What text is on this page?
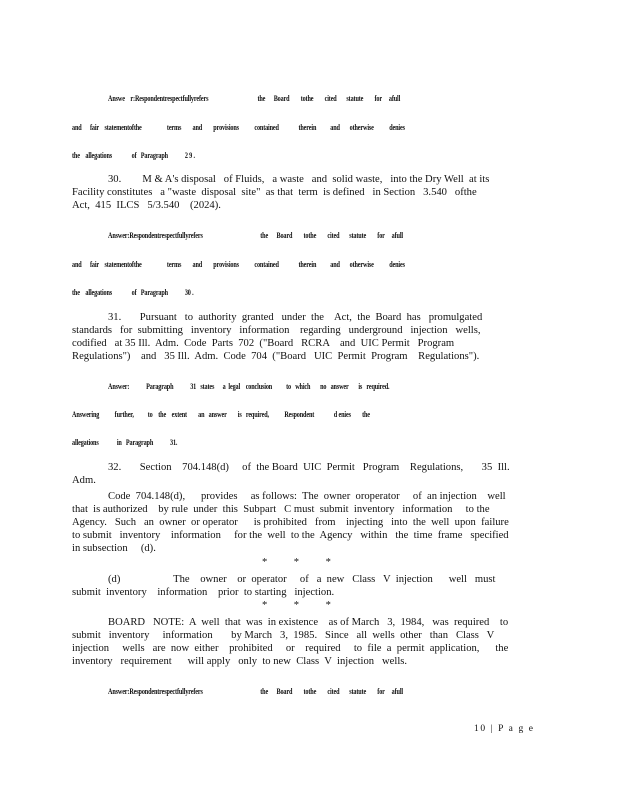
Answe    r:Respondentrespectfullyrefers                                   the      Board        tothe        cited       statute        for     afull
and      fair    statementofthe                  terms        and        provisions           contained              therein          and       otherwise           denies
the    allegations              of   Paragraph            2 9 .
30.        M & A's disposal   of Fluids,   a waste   and  solid waste,   into the Dry Well  at its
Facility constitutes   a "waste  disposal  site"  as that  term  is defined   in Section   3.540   ofthe
Act,  415  ILCS   5/3.540    (2024).
Answer:Respondentrespectfullyrefers                                         the      Board        tothe        cited       statute        for     afull
and      fair    statementofthe                  terms        and        provisions           contained              therein          and       otherwise           denies
the    allegations              of   Paragraph            30 .
31.       Pursuant   to  authority  granted   under  the    Act,  the  Board  has   promulgated
standards   for  submitting   inventory   information    regarding   underground   injection   wells,
codified   at 35 Ill.  Adm.  Code  Parts  702  ("Board   RCRA    and  UIC Permit   Program
Regulations")    and   35 Ill.  Adm.  Code  704  ("Board   UIC  Permit  Program    Regulations").
Answer:            Paragraph            31   states      a  legal    conclusion          to   which       no   answer       is   required.
Answering           further,          to    the    extent        an   answer        is   required,           Respondent              d enies        the
allegations             in   Paragraph            31.
32.       Section    704.148(d)     of  the Board  UIC  Permit   Program    Regulations,       35  Ill.
Adm.
Code  704.148(d),      provides     as follows:  The  owner  oroperator     of  an injection    well
that  is authorized    by rule  under  this  Subpart   C must  submit  inventory   information     to the
Agency.   Such   an  owner  or operator      is prohibited   from    injecting   into  the  well  upon  failure
to submit   inventory    information     for the  well  to the  Agency   within   the  time  frame   specified
in subsection     (d).
*          *          *
(d)                    The    owner    or  operator     of   a  new   Class   V  injection      well   must
submit  inventory    information    prior  to starting   injection.
*          *          *
BOARD   NOTE:  A  well  that  was  in existence    as of March   3,  1984,   was  required    to
submit   inventory     information       by March   3,  1985.   Since   all  wells  other   than   Class   V
injection     wells   are  now  either    prohibited     or    required     to  file  a  permit  application,      the
inventory   requirement      will apply   only  to new  Class  V  injection   wells.
Answer:Respondentrespectfullyrefers                                         the      Board        tothe        cited       statute        for     afull
10 | P a g e
